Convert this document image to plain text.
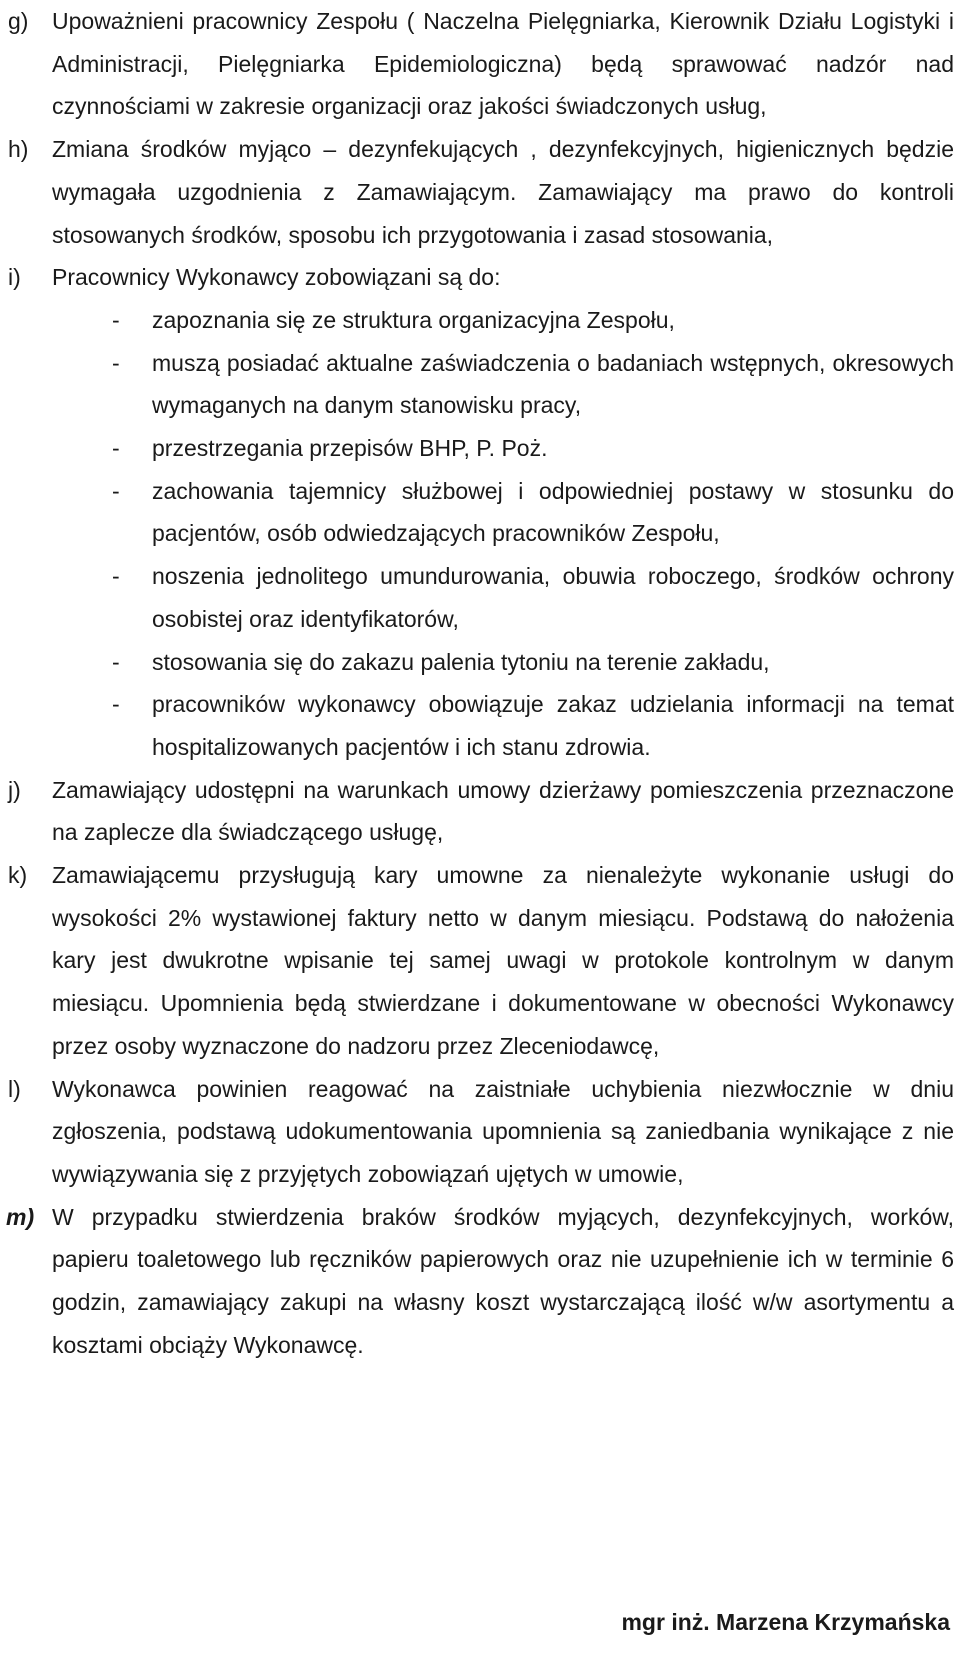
g) Upoważnieni pracownicy Zespołu ( Naczelna Pielęgniarka, Kierownik Działu Logistyki i Administracji, Pielęgniarka Epidemiologiczna) będą sprawować nadzór nad czynnościami w zakresie organizacji oraz jakości świadczonych usług,
h) Zmiana środków myjąco – dezynfekujących , dezynfekcyjnych, higienicznych będzie wymagała uzgodnienia z Zamawiającym. Zamawiający ma prawo do kontroli stosowanych środków, sposobu ich przygotowania i zasad stosowania,
i) Pracownicy Wykonawcy zobowiązani są do:
- zapoznania się ze struktura organizacyjna Zespołu,
- muszą posiadać aktualne zaświadczenia o badaniach wstępnych, okresowych wymaganych na danym stanowisku pracy,
- przestrzegania przepisów BHP, P. Poż.
- zachowania tajemnicy służbowej i odpowiedniej postawy w stosunku do pacjentów, osób odwiedzających pracowników Zespołu,
- noszenia jednolitego umundurowania, obuwia roboczego, środków ochrony osobistej oraz identyfikatorów,
- stosowania się do zakazu palenia tytoniu na terenie zakładu,
- pracowników wykonawcy obowiązuje zakaz udzielania informacji na temat hospitalizowanych pacjentów i ich stanu zdrowia.
j) Zamawiający udostępni na warunkach umowy dzierżawy pomieszczenia przeznaczone na zaplecze dla świadczącego usługę,
k) Zamawiającemu przysługują kary umowne za nienależyte wykonanie usługi do wysokości 2% wystawionej faktury netto w danym miesiącu. Podstawą do nałożenia kary jest dwukrotne wpisanie tej samej uwagi w protokole kontrolnym w danym miesiącu. Upomnienia będą stwierdzane i dokumentowane w obecności Wykonawcy przez osoby wyznaczone do nadzoru przez Zleceniodawcę,
l) Wykonawca powinien reagować na zaistniałe uchybienia niezwłocznie w dniu zgłoszenia, podstawą udokumentowania upomnienia są zaniedbania wynikające z nie wywiązywania się z przyjętych zobowiązań ujętych w umowie,
m) W przypadku stwierdzenia braków środków myjących, dezynfekcyjnych, worków, papieru toaletowego lub ręczników papierowych oraz nie uzupełnienie ich w terminie 6 godzin, zamawiający zakupi na własny koszt wystarczającą ilość w/w asortymentu a kosztami obciąży Wykonawcę.
mgr inż. Marzena Krzymańska
